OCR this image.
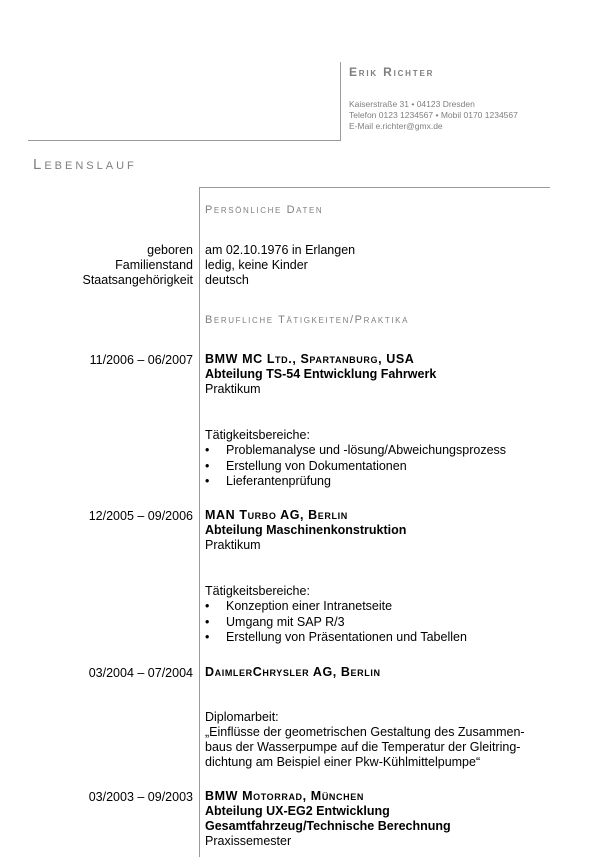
Erik Richter
Kaiserstraße 31 • 04123 Dresden
Telefon 0123 1234567 • Mobil 0170 1234567
E-Mail e.richter@gmx.de
Lebenslauf
Persönliche Daten
geboren
Familienstand
Staatsangehörigkeit
am 02.10.1976 in Erlangen
ledig, keine Kinder
deutsch
Berufliche Tätigkeiten/Praktika
11/2006 – 06/2007 BMW MC Ltd., Spartanburg, USA
Abteilung TS-54 Entwicklung Fahrwerk
Praktikum
Tätigkeitsbereiche:
• Problemanalyse und -lösung/Abweichungsprozess
• Erstellung von Dokumentationen
• Lieferantenprüfung
12/2005 – 09/2006 MAN Turbo AG, Berlin
Abteilung Maschinenkonstruktion
Praktikum
Tätigkeitsbereiche:
• Konzeption einer Intranetseite
• Umgang mit SAP R/3
• Erstellung von Präsentationen und Tabellen
03/2004 – 07/2004 DaimlerChrysler AG, Berlin
Diplomarbeit:
„Einflüsse der geometrischen Gestaltung des Zusammen-
baus der Wasserpumpe auf die Temperatur der Gleitring-
dichtung am Beispiel einer Pkw-Kühlmittelpumpe“
03/2003 – 09/2003 BMW Motorrad, München
Abteilung UX-EG2 Entwicklung
Gesamtfahrzeug/Technische Berechnung
Praxissemester
